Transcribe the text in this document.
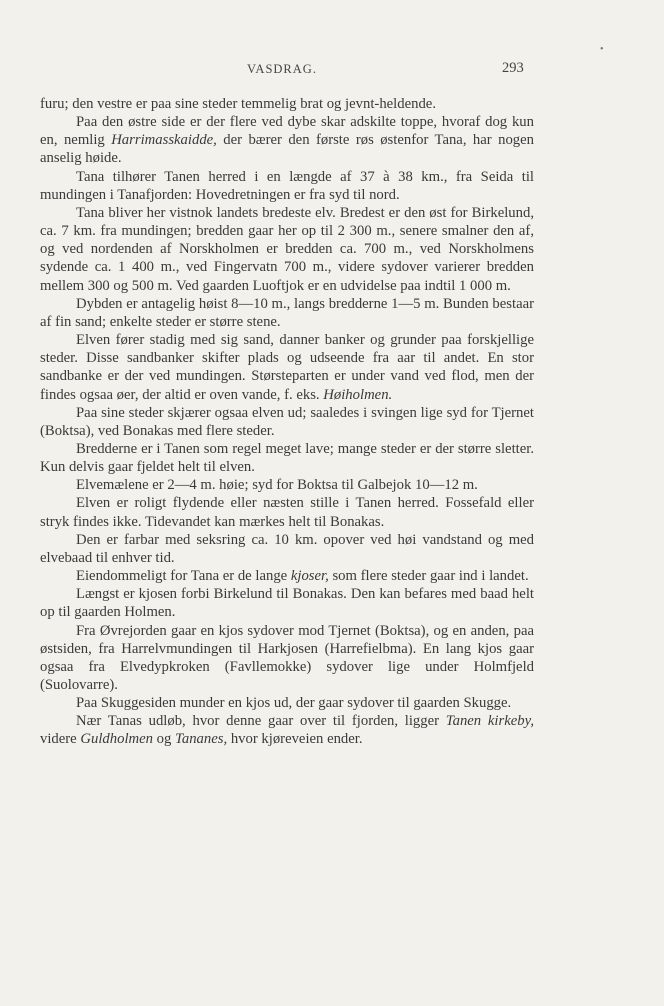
VASDRAG.	293
•

furu; den vestre er paa sine steder temmelig brat og jevnt-heldende.

Paa den østre side er der flere ved dybe skar adskilte toppe, hvoraf dog kun en, nemlig Harrimasskaidde, der bærer den første røs østenfor Tana, har nogen anselig høide.

Tana tilhører Tanen herred i en længde af 37 à 38 km., fra Seida til mundingen i Tanafjorden: Hovedretningen er fra syd til nord.

Tana bliver her vistnok landets bredeste elv. Bredest er den øst for Birkelund, ca. 7 km. fra mundingen; bredden gaar her op til 2 300 m., senere smalner den af, og ved nordenden af Norskholmen er bredden ca. 700 m., ved Norskholmens sydende ca. 1 400 m., ved Fingervatn 700 m., videre sydover varierer bredden mellem 300 og 500 m. Ved gaarden Luoftjok er en udvidelse paa indtil 1 000 m.

Dybden er antagelig høist 8—10 m., langs bredderne 1—5 m. Bunden bestaar af fin sand; enkelte steder er større stene.

Elven fører stadig med sig sand, danner banker og grunder paa forskjellige steder. Disse sandbanker skifter plads og udseende fra aar til andet. En stor sandbanke er der ved mundingen. Størsteparten er under vand ved flod, men der findes ogsaa øer, der altid er oven vande, f. eks. Høiholmen.

Paa sine steder skjærer ogsaa elven ud; saaledes i svingen lige syd for Tjernet (Boktsa), ved Bonakas med flere steder.

Bredderne er i Tanen som regel meget lave; mange steder er der større sletter. Kun delvis gaar fjeldet helt til elven.

Elvemælene er 2—4 m. høie; syd for Boktsa til Galbejok 10—12 m.

Elven er roligt flydende eller næsten stille i Tanen herred. Fossefald eller stryk findes ikke. Tidevandet kan mærkes helt til Bonakas.

Den er farbar med seksring ca. 10 km. opover ved høi vandstand og med elvebaad til enhver tid.

Eiendommeligt for Tana er de lange kjoser, som flere steder gaar ind i landet.

Længst er kjosen forbi Birkelund til Bonakas. Den kan befares med baad helt op til gaarden Holmen.

Fra Øvrejorden gaar en kjos sydover mod Tjernet (Boktsa), og en anden, paa østsiden, fra Harrelvmundingen til Harkjosen (Harrefielbma). En lang kjos gaar ogsaa fra Elvedypkroken (Favllemokke) sydover lige under Holmfjeld (Suolovarre).

Paa Skuggesiden munder en kjos ud, der gaar sydover til gaarden Skugge.

Nær Tanas udløb, hvor denne gaar over til fjorden, ligger Tanen kirkeby, videre Guldholmen og Tananes, hvor kjøreveien ender.
